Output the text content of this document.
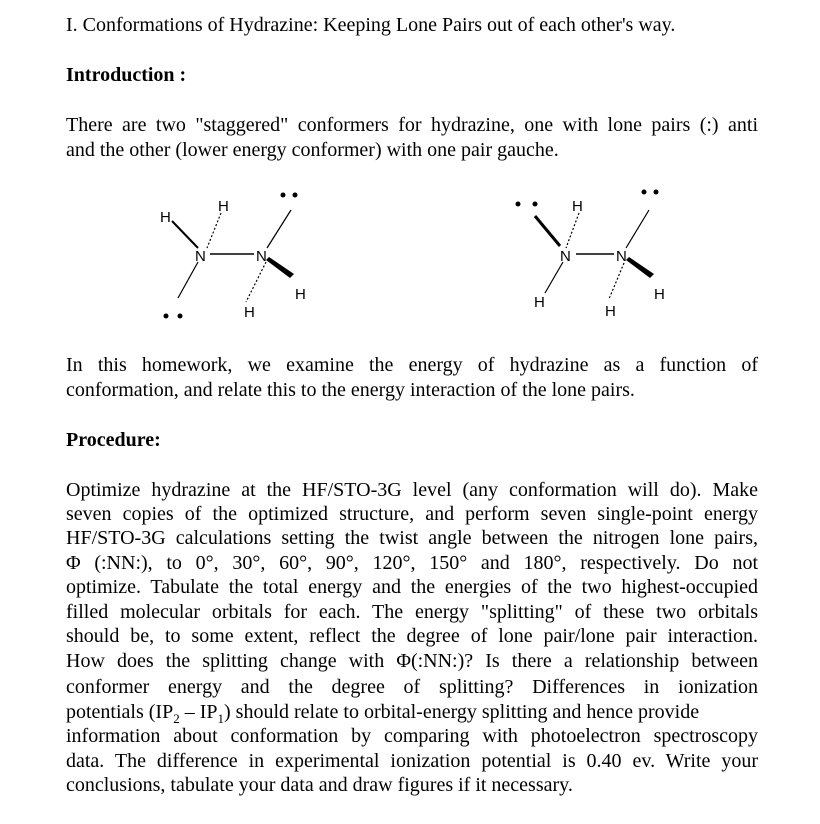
I. Conformations of Hydrazine: Keeping Lone Pairs out of each other's way.
Introduction :
There are two "staggered" conformers for hydrazine, one with lone pairs (:) anti
and the other (lower energy conformer) with one pair gauche.
N	N
H
H
H
H
N	N
H
H
H
H
In this homework, we examine the energy of hydrazine as a function of
conformation, and relate this to the energy interaction of the lone pairs.
Procedure:
Optimize hydrazine at the HF/STO-3G level (any conformation will do). Make
seven copies of the optimized structure, and perform seven single-point energy
HF/STO-3G calculations setting the twist angle between the nitrogen lone pairs,
Φ (:NN:), to 0°, 30°, 60°, 90°, 120°, 150° and 180°, respectively. Do not
optimize. Tabulate the total energy and the energies of the two highest-occupied
filled molecular orbitals for each. The energy "splitting" of these two orbitals
should be, to some extent, reflect the degree of lone pair/lone pair interaction.
How does the splitting change with Φ(:NN:)? Is there a relationship between
conformer energy and the degree of splitting? Differences in ionization
potentials $(IP_2 - IP_1)$ should relate to orbital-energy splitting and hence provide
information about conformation by comparing with photoelectron spectroscopy
data. The difference in experimental ionization potential is 0.40 ev. Write your
conclusions, tabulate your data and draw figures if it necessary.
